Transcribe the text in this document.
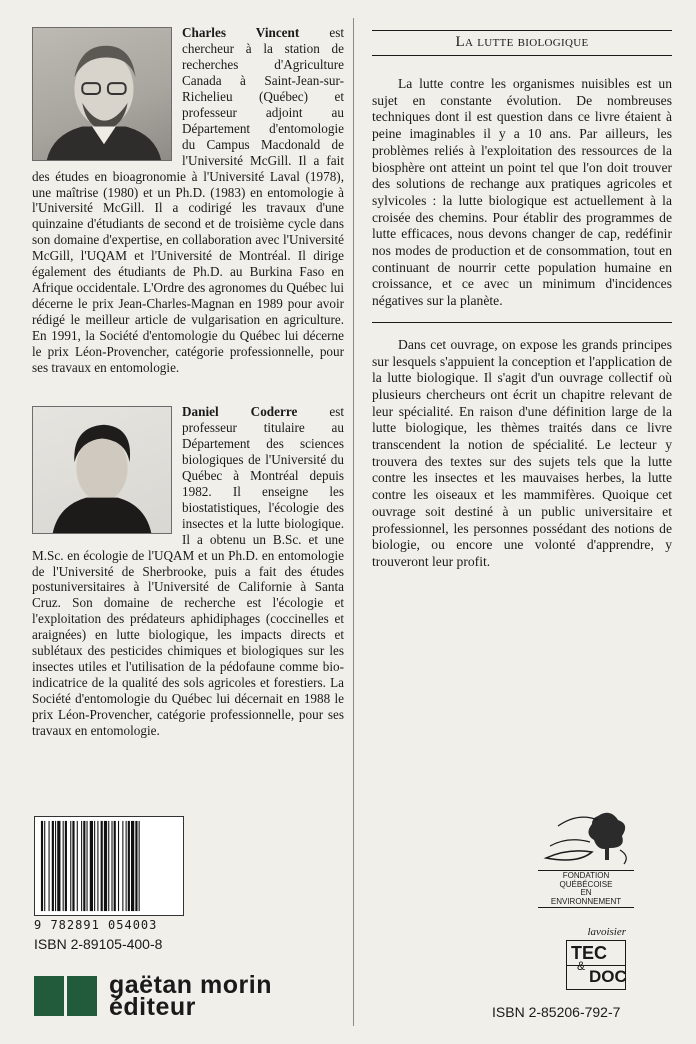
Charles Vincent est chercheur à la station de recherches d'Agriculture Canada à Saint-Jean-sur-Richelieu (Québec) et professeur adjoint au Département d'entomologie du Campus Macdonald de l'Université McGill. Il a fait des études en bioagronomie à l'Université Laval (1978), une maîtrise (1980) et un Ph.D. (1983) en entomologie à l'Université McGill. Il a codirigé les travaux d'une quinzaine d'étudiants de second et de troisième cycle dans son domaine d'expertise, en collaboration avec l'Université McGill, l'UQAM et l'Université de Montréal. Il dirige également des étudiants de Ph.D. au Burkina Faso en Afrique occidentale. L'Ordre des agronomes du Québec lui décerne le prix Jean-Charles-Magnan en 1989 pour avoir rédigé le meilleur article de vulgarisation en agriculture. En 1991, la Société d'entomologie du Québec lui décerne le prix Léon-Provencher, catégorie professionnelle, pour ses travaux en entomologie.
Daniel Coderre est professeur titulaire au Département des sciences biologiques de l'Université du Québec à Montréal depuis 1982. Il enseigne les biostatistiques, l'écologie des insectes et la lutte biologique. Il a obtenu un B.Sc. et une M.Sc. en écologie de l'UQAM et un Ph.D. en entomologie de l'Université de Sherbrooke, puis a fait des études postuniversitaires à l'Université de Californie à Santa Cruz. Son domaine de recherche est l'écologie et l'exploitation des prédateurs aphidiphages (coccinelles et araignées) en lutte biologique, les impacts directs et sublétaux des pesticides chimiques et biologiques sur les insectes utiles et l'utilisation de la pédofaune comme bio-indicatrice de la qualité des sols agricoles et forestiers. La Société d'entomologie du Québec lui décernait en 1988 le prix Léon-Provencher, catégorie professionnelle, pour ses travaux en entomologie.
9 782891 054003
ISBN 2-89105-400-8
gaëtan morin
éditeur
La lutte biologique

La lutte contre les organismes nuisibles est un sujet en constante évolution. De nombreuses techniques dont il est question dans ce livre étaient à peine imaginables il y a 10 ans. Par ailleurs, les problèmes reliés à l'exploitation des ressources de la biosphère ont atteint un point tel que l'on doit trouver des solutions de rechange aux pratiques agricoles et sylvicoles : la lutte biologique est actuellement à la croisée des chemins. Pour établir des programmes de lutte efficaces, nous devons changer de cap, redéfinir nos modes de production et de consommation, tout en continuant de nourrir cette population humaine en croissance, et ce avec un minimum d'incidences négatives sur la planète.

Dans cet ouvrage, on expose les grands principes sur lesquels s'appuient la conception et l'application de la lutte biologique. Il s'agit d'un ouvrage collectif où plusieurs chercheurs ont écrit un chapitre relevant de leur spécialité. En raison d'une définition large de la lutte biologique, les thèmes traités dans ce livre transcendent la notion de spécialité. Le lecteur y trouvera des textes sur des sujets tels que la lutte contre les insectes et les mauvaises herbes, la lutte contre les oiseaux et les mammifères. Quoique cet ouvrage soit destiné à un public universitaire et professionnel, les personnes possédant des notions de biologie, ou encore une volonté d'apprendre, y trouveront leur profit.

FONDATION
QUÉBÉCOISE
EN
ENVIRONNEMENT
lavoisier
TEC
&
DOC
ISBN 2-85206-792-7
